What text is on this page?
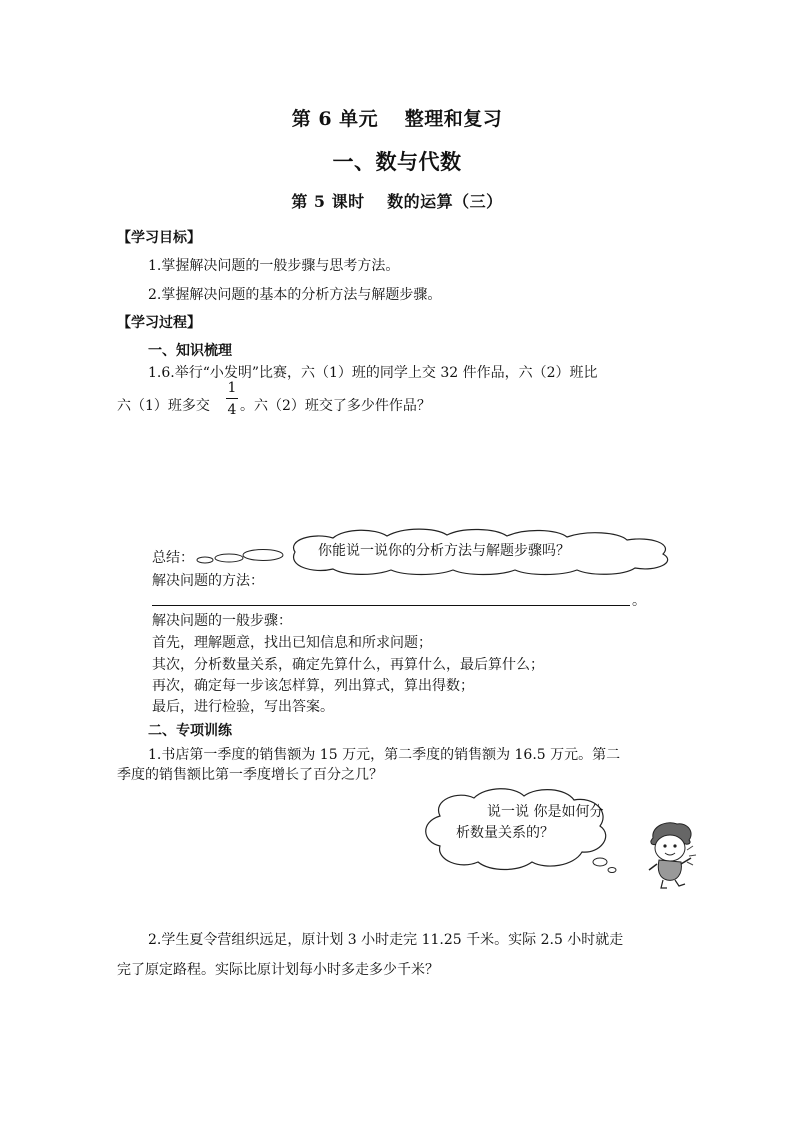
第 6 单元　 整理和复习
一、数与代数
第 5 课时　 数的运算（三）
【学习目标】
1.掌握解决问题的一般步骤与思考方法。
2.掌握解决问题的基本的分析方法与解题步骤。
【学习过程】
一、知识梳理
1.6.举行“小发明”比赛，六（1）班的同学上交 32 件作品，六（2）班比
六（1）班多交
1
4 。六（2）班交了多少件作品？
你能说一说你的分析方法与解题步骤吗？
总结：
解决问题的方法：
。
解决问题的一般步骤：
首先，理解题意，找出已知信息和所求问题；
其次，分析数量关系，确定先算什么，再算什么，最后算什么；
再次，确定每一步该怎样算，列出算式，算出得数；
最后，进行检验，写出答案。
二、专项训练
1.书店第一季度的销售额为 15 万元，第二季度的销售额为 16.5 万元。第二
季度的销售额比第一季度增长了百分之几？
说一说 你是如何分
析数量关系的？
2.学生夏令营组织远足，原计划 3 小时走完 11.25 千米。实际 2.5 小时就走
完了原定路程。实际比原计划每小时多走多少千米？
